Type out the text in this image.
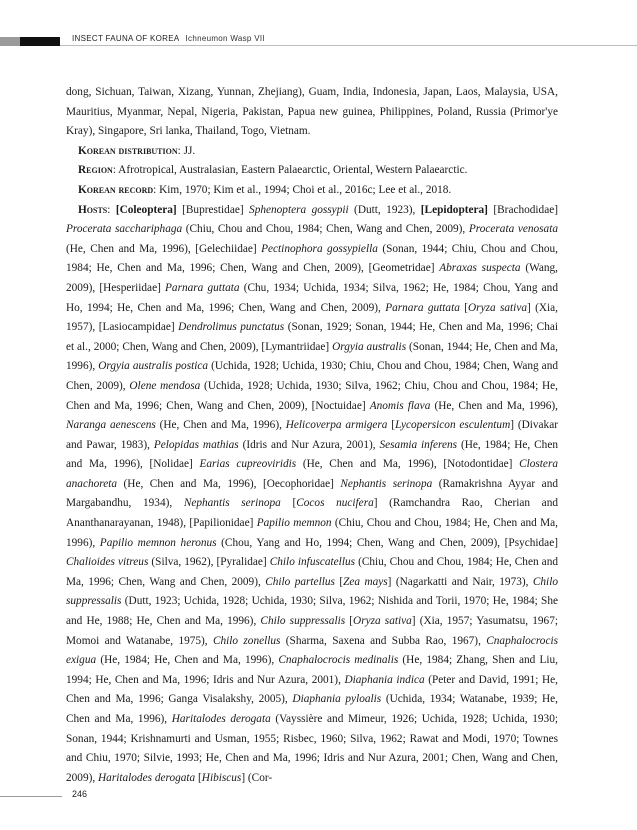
INSECT FAUNA OF KOREA Ichneumon Wasp VII

dong, Sichuan, Taiwan, Xizang, Yunnan, Zhejiang), Guam, India, Indonesia, Japan, Laos, Malaysia, USA, Mauritius, Myanmar, Nepal, Nigeria, Pakistan, Papua new guinea, Philippines, Poland, Russia (Primor'ye Kray), Singapore, Sri lanka, Thailand, Togo, Vietnam.

Korean distribution: JJ.

Region: Afrotropical, Australasian, Eastern Palaearctic, Oriental, Western Palaearctic.

Korean record: Kim, 1970; Kim et al., 1994; Choi et al., 2016c; Lee et al., 2018.

Hosts: [Coleoptera] [Buprestidae] Sphenoptera gossypii (Dutt, 1923), [Lepidoptera] [Brachodidae] Procerata sacchariphaga (Chiu, Chou and Chou, 1984; Chen, Wang and Chen, 2009), Procerata venosata (He, Chen and Ma, 1996), [Gelechiidae] Pectinophora gossypiella (Sonan, 1944; Chiu, Chou and Chou, 1984; He, Chen and Ma, 1996; Chen, Wang and Chen, 2009), [Geometridae] Abraxas suspecta (Wang, 2009), [Hesperiidae] Parnara guttata (Chu, 1934; Uchida, 1934; Silva, 1962; He, 1984; Chou, Yang and Ho, 1994; He, Chen and Ma, 1996; Chen, Wang and Chen, 2009), Parnara guttata [Oryza sativa] (Xia, 1957), [Lasiocampidae] Dendrolimus punctatus (Sonan, 1929; Sonan, 1944; He, Chen and Ma, 1996; Chai et al., 2000; Chen, Wang and Chen, 2009), [Lymantriidae] Orgyia australis (Sonan, 1944; He, Chen and Ma, 1996), Orgyia australis postica (Uchida, 1928; Uchida, 1930; Chiu, Chou and Chou, 1984; Chen, Wang and Chen, 2009), Olene mendosa (Uchida, 1928; Uchida, 1930; Silva, 1962; Chiu, Chou and Chou, 1984; He, Chen and Ma, 1996; Chen, Wang and Chen, 2009), [Noctuidae] Anomis flava (He, Chen and Ma, 1996), Naranga aenescens (He, Chen and Ma, 1996), Helicoverpa armigera [Lycopersicon esculentum] (Divakar and Pawar, 1983), Pelopidas mathias (Idris and Nur Azura, 2001), Sesamia inferens (He, 1984; He, Chen and Ma, 1996), [Nolidae] Earias cupreoviridis (He, Chen and Ma, 1996), [Notodontidae] Clostera anachoreta (He, Chen and Ma, 1996), [Oecophoridae] Nephantis serinopa (Ramakrishna Ayyar and Margabandhu, 1934), Nephantis serinopa [Cocos nucifera] (Ramchandra Rao, Cherian and Ananthanarayanan, 1948), [Papilionidae] Papilio memnon (Chiu, Chou and Chou, 1984; He, Chen and Ma, 1996), Papilio memnon heronus (Chou, Yang and Ho, 1994; Chen, Wang and Chen, 2009), [Psychidae] Chalioides vitreus (Silva, 1962), [Pyralidae] Chilo infuscatellus (Chiu, Chou and Chou, 1984; He, Chen and Ma, 1996; Chen, Wang and Chen, 2009), Chilo partellus [Zea mays] (Nagarkatti and Nair, 1973), Chilo suppressalis (Dutt, 1923; Uchida, 1928; Uchida, 1930; Silva, 1962; Nishida and Torii, 1970; He, 1984; She and He, 1988; He, Chen and Ma, 1996), Chilo suppressalis [Oryza sativa] (Xia, 1957; Yasumatsu, 1967; Momoi and Watanabe, 1975), Chilo zonellus (Sharma, Saxena and Subba Rao, 1967), Cnaphalocrocis exigua (He, 1984; He, Chen and Ma, 1996), Cnaphalocrocis medinalis (He, 1984; Zhang, Shen and Liu, 1994; He, Chen and Ma, 1996; Idris and Nur Azura, 2001), Diaphania indica (Peter and David, 1991; He, Chen and Ma, 1996; Ganga Visalakshy, 2005), Diaphania pyloalis (Uchida, 1934; Watanabe, 1939; He, Chen and Ma, 1996), Haritalodes derogata (Vayssière and Mimeur, 1926; Uchida, 1928; Uchida, 1930; Sonan, 1944; Krishnamurti and Usman, 1955; Risbec, 1960; Silva, 1962; Rawat and Modi, 1970; Townes and Chiu, 1970; Silvie, 1993; He, Chen and Ma, 1996; Idris and Nur Azura, 2001; Chen, Wang and Chen, 2009), Haritalodes derogata [Hibiscus] (Cor-

246
